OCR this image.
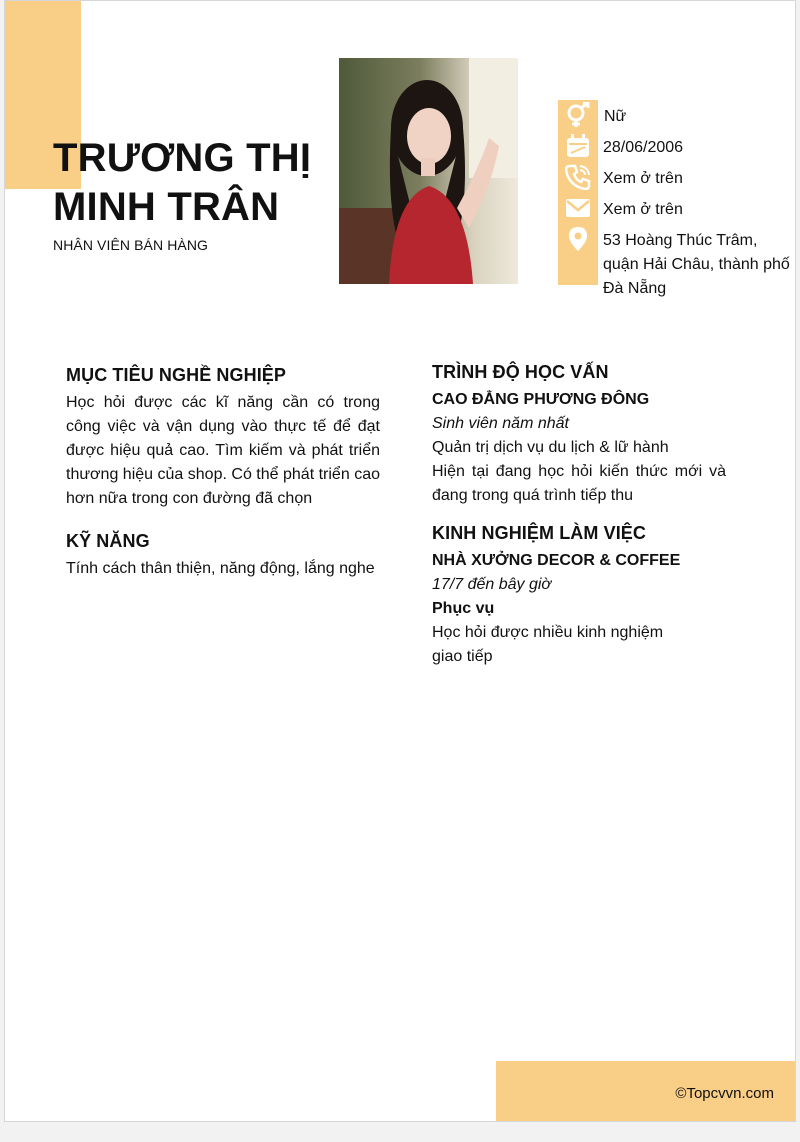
TRƯƠNG THỊ MINH TRÂN
NHÂN VIÊN BÁN HÀNG
Nữ
28/06/2006
Xem ở trên
Xem ở trên
53 Hoàng Thúc Trâm, quận Hải Châu, thành phố Đà Nẵng
MỤC TIÊU NGHỀ NGHIỆP
Học hỏi được các kĩ năng cần có trong công việc và vận dụng vào thực tế để đạt được hiệu quả cao. Tìm kiếm và phát triển thương hiệu của shop. Có thể phát triển cao hơn nữa trong con đường đã chọn
KỸ NĂNG
Tính cách thân thiện, năng động, lắng nghe
TRÌNH ĐỘ HỌC VẤN
CAO ĐẲNG PHƯƠNG ĐÔNG
Sinh viên năm nhất
Quản trị dịch vụ du lịch & lữ hành
Hiện tại đang học hỏi kiến thức mới và đang trong quá trình tiếp thu
KINH NGHIỆM LÀM VIỆC
NHÀ XƯỞNG DECOR & COFFEE
17/7 đến bây giờ
Phục vụ
Học hỏi được nhiều kinh nghiệm giao tiếp
©Topcvvn.com
